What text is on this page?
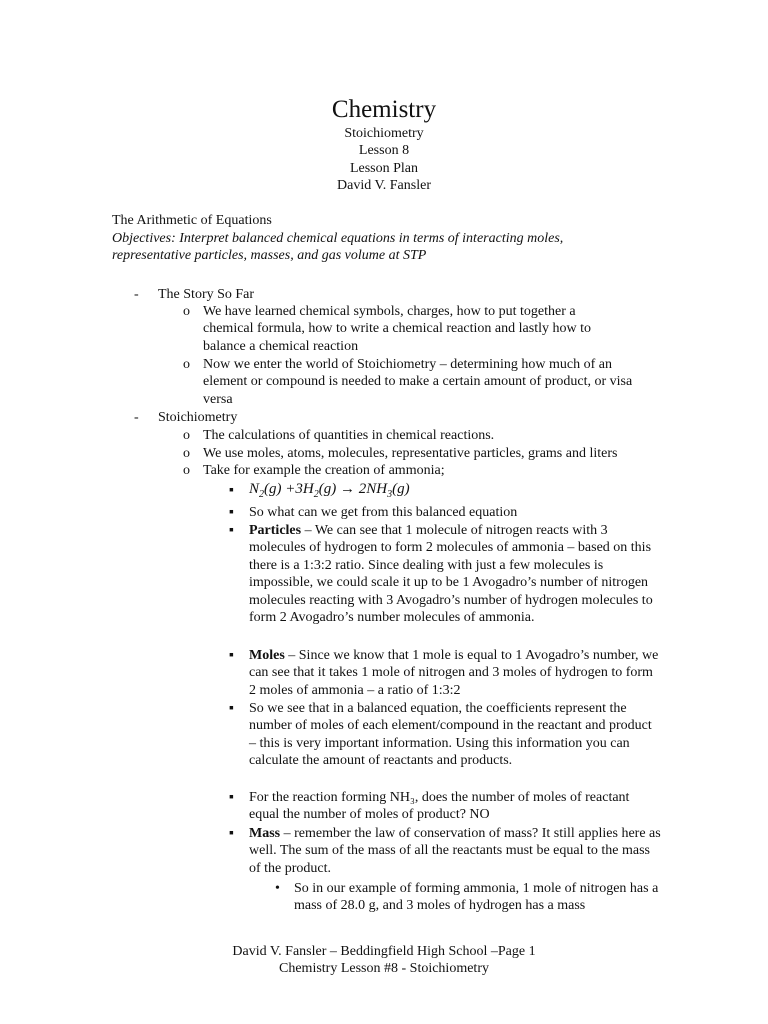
Chemistry
Stoichiometry
Lesson 8
Lesson Plan
David V. Fansler
The Arithmetic of Equations
Objectives: Interpret balanced chemical equations in terms of interacting moles, representative particles, masses, and gas volume at STP
- The Story So Far
o We have learned chemical symbols, charges, how to put together a chemical formula, how to write a chemical reaction and lastly how to balance a chemical reaction
o Now we enter the world of Stoichiometry – determining how much of an element or compound is needed to make a certain amount of product, or visa versa
- Stoichiometry
o The calculations of quantities in chemical reactions.
o We use moles, atoms, molecules, representative particles, grams and liters
o Take for example the creation of ammonia;
▪ $N_2(g) +3H_2(g) \to 2NH_3(g)$
▪ So what can we get from this balanced equation
▪ Particles – We can see that 1 molecule of nitrogen reacts with 3 molecules of hydrogen to form 2 molecules of ammonia – based on this there is a 1:3:2 ratio. Since dealing with just a few molecules is impossible, we could scale it up to be 1 Avogadro’s number of nitrogen molecules reacting with 3 Avogadro’s number of hydrogen molecules to form 2 Avogadro’s number molecules of ammonia.
▪ Moles – Since we know that 1 mole is equal to 1 Avogadro’s number, we can see that it takes 1 mole of nitrogen and 3 moles of hydrogen to form 2 moles of ammonia – a ratio of 1:3:2
▪ So we see that in a balanced equation, the coefficients represent the number of moles of each element/compound in the reactant and product – this is very important information. Using this information you can calculate the amount of reactants and products.
▪ For the reaction forming NH₃, does the number of moles of reactant equal the number of moles of product? NO
▪ Mass – remember the law of conservation of mass? It still applies here as well. The sum of the mass of all the reactants must be equal to the mass of the product.
• So in our example of forming ammonia, 1 mole of nitrogen has a mass of 28.0 g, and 3 moles of hydrogen has a mass
David V. Fansler – Beddingfield High School –Page 1
Chemistry Lesson #8 - Stoichiometry
